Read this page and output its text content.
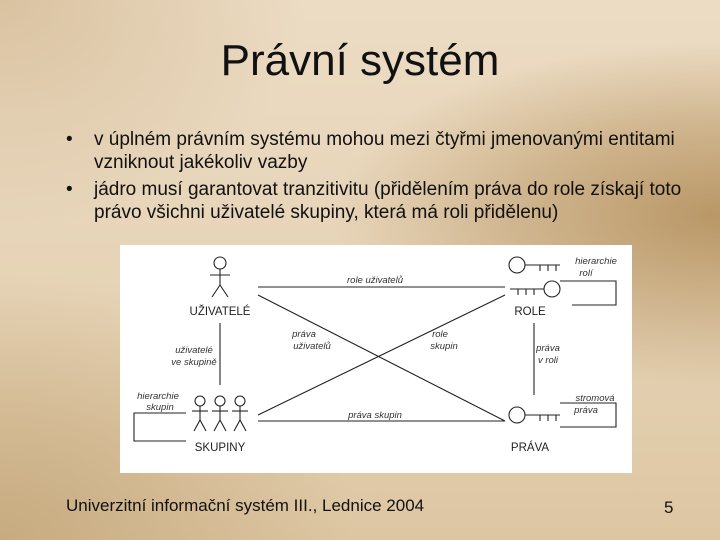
Právní systém
• v úplném právním systému mohou mezi čtyřmi jmenovanými entitami vzniknout jakékoliv vazby
• jádro musí garantovat tranzitivitu (přidělením práva do role získají toto právo všichni uživatelé skupiny, která má roli přidělenu)
UŽIVATELÉ	ROLE
SKUPINY	PRÁVA
role uživatelů
práva skupin
uživatelé
ve skupině
práva
uživatelů
role
skupin	práva
v roli
hierarchie
rolí
hierarchie
skupin
stromová
práva
Univerzitní informační systém III., Lednice 2004	5
